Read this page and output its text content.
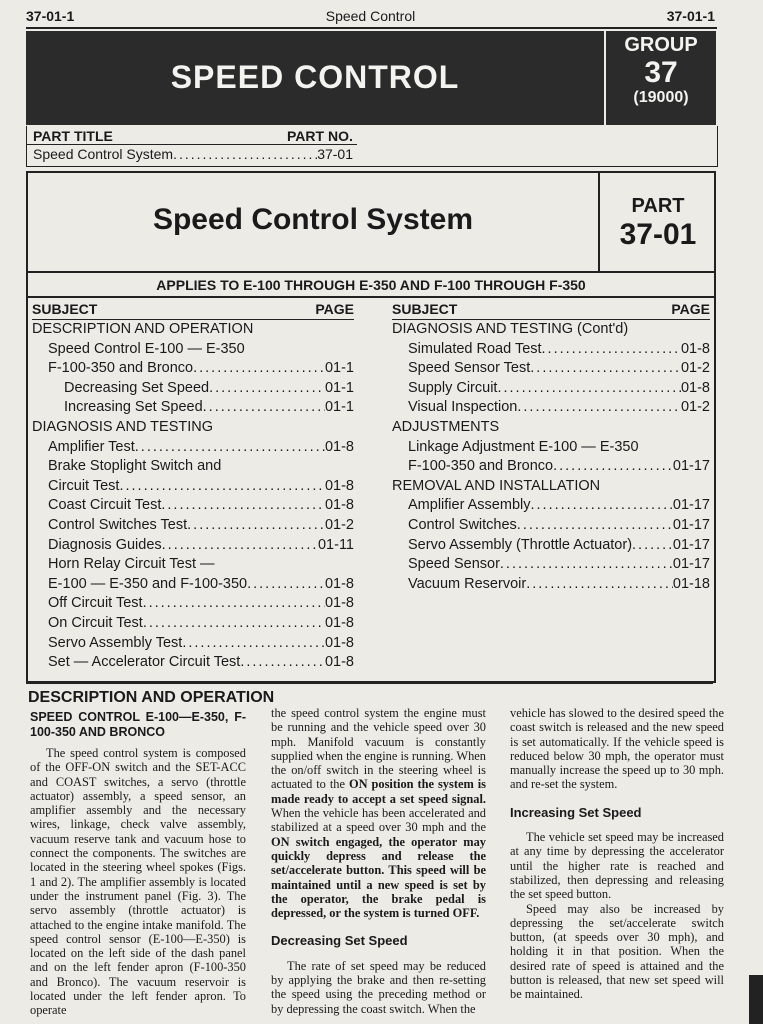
37-01-1	Speed Control	37-01-1
SPEED CONTROL
GROUP
37
(19000)
PART TITLE	PART NO.
Speed Control System .....	37-01
Speed Control System	PART
37-01
APPLIES TO E-100 THROUGH E-350 AND F-100 THROUGH F-350
SUBJECT	PAGE
DESCRIPTION AND OPERATION
Speed Control E-100 — E-350
F-100-350 and Bronco .....	01-1
Decreasing Set Speed .....	01-1
Increasing Set Speed .....	01-1
DIAGNOSIS AND TESTING
Amplifier Test .....	01-8
Brake Stoplight Switch and
Circuit Test .....	01-8
Coast Circuit Test .....	01-8
Control Switches Test .....	01-2
Diagnosis Guides .....	01-11
Horn Relay Circuit Test —
E-100 — E-350 and F-100-350 .....	01-8
Off Circuit Test .....	01-8
On Circuit Test .....	01-8
Servo Assembly Test .....	01-8
Set — Accelerator Circuit Test .....	01-8
SUBJECT	PAGE
DIAGNOSIS AND TESTING (Cont'd)
Simulated Road Test .....	01-8
Speed Sensor Test .....	01-2
Supply Circuit .....	01-8
Visual Inspection .....	01-2
ADJUSTMENTS
Linkage Adjustment E-100 — E-350
F-100-350 and Bronco .....	01-17
REMOVAL AND INSTALLATION
Amplifier Assembly .....	01-17
Control Switches .....	01-17
Servo Assembly (Throttle Actuator) .....	01-17
Speed Sensor .....	01-17
Vacuum Reservoir .....	01-18
DESCRIPTION AND OPERATION

SPEED CONTROL E-100—E-350, F-100-350 AND BRONCO

The speed control system is composed of the OFF-ON switch and the SET-ACC and COAST switches, a servo (throttle actuator) assembly, a speed sensor, an amplifier assembly and the necessary wires, linkage, check valve assembly, vacuum reserve tank and vacuum hose to connect the components. The switches are located in the steering wheel spokes (Figs. 1 and 2). The amplifier assembly is located under the instrument panel (Fig. 3). The servo assembly (throttle actuator) is attached to the engine intake manifold. The speed control sensor (E-100—E-350) is located on the left side of the dash panel and on the left fender apron (F-100-350 and Bronco). The vacuum reservoir is located under the left fender apron. To operate

the speed control system the engine must be running and the vehicle speed over 30 mph. Manifold vacuum is constantly supplied when the engine is running. When the on/off switch in the steering wheel is actuated to the ON position the system is made ready to accept a set speed signal. When the vehicle has been accelerated and stabilized at a speed over 30 mph and the ON switch engaged, the operator may quickly depress and release the set/accelerate button. This speed will be maintained until a new speed is set by the operator, the brake pedal is depressed, or the system is turned OFF.

Decreasing Set Speed

The rate of set speed may be reduced by applying the brake and then re-setting the speed using the preceding method or by depressing the coast switch. When the

vehicle has slowed to the desired speed the coast switch is released and the new speed is set automatically. If the vehicle speed is reduced below 30 mph, the operator must manually increase the speed up to 30 mph. and re-set the system.

Increasing Set Speed

The vehicle set speed may be increased at any time by depressing the accelerator until the higher rate is reached and stabilized, then depressing and releasing the set speed button.

Speed may also be increased by depressing the set/accelerate switch button, (at speeds over 30 mph), and holding it in that position. When the desired rate of speed is attained and the button is released, that new set speed will be maintained.
